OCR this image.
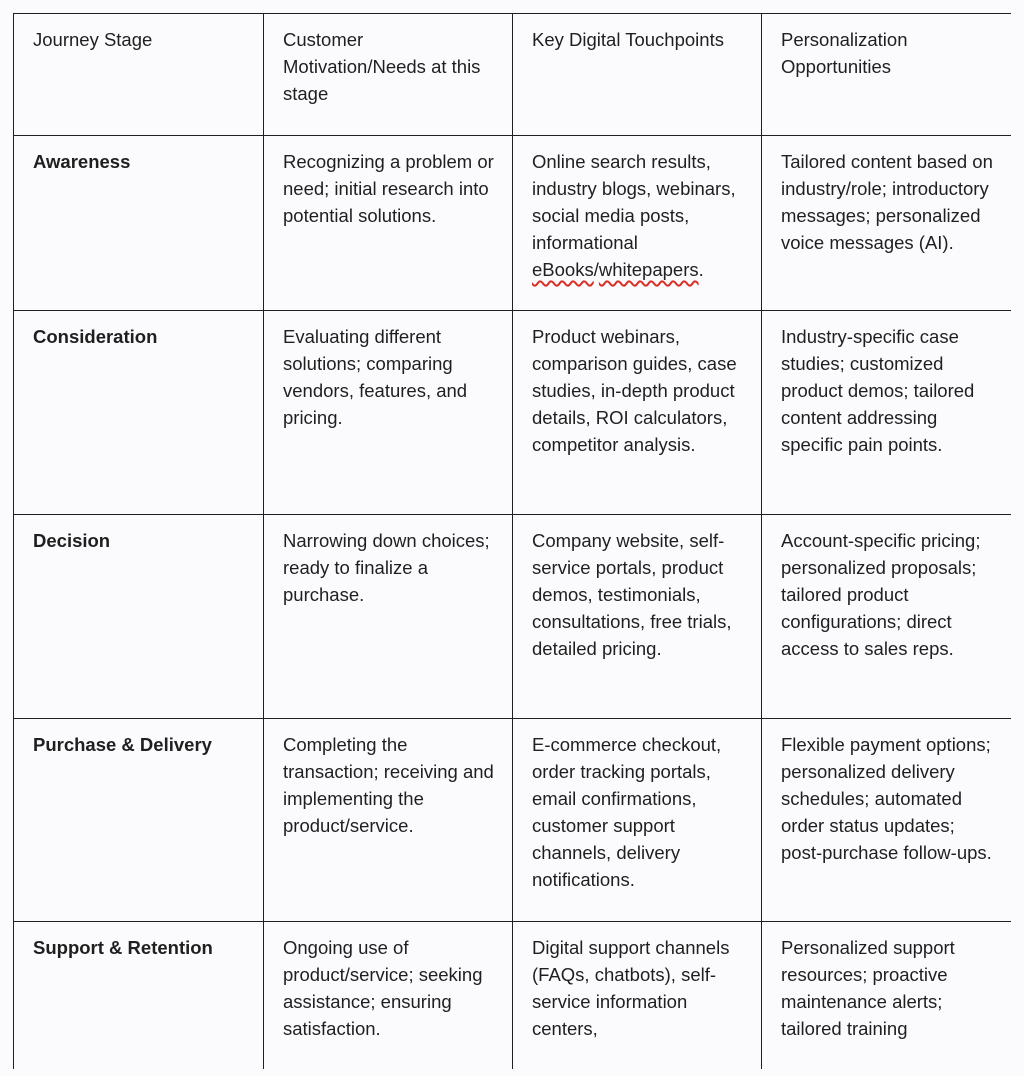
Journey Stage	Customer Motivation/Needs at this stage	Key Digital Touchpoints	Personalization Opportunities
Awareness	Recognizing a problem or need; initial research into potential solutions.	Online search results, industry blogs, webinars, social media posts, informational eBooks/whitepapers.	Tailored content based on industry/role; introductory messages; personalized voice messages (AI).
Consideration	Evaluating different solutions; comparing vendors, features, and pricing.	Product webinars, comparison guides, case studies, in-depth product details, ROI calculators, competitor analysis.	Industry-specific case studies; customized product demos; tailored content addressing specific pain points.
Decision	Narrowing down choices; ready to finalize a purchase.	Company website, self-service portals, product demos, testimonials, consultations, free trials, detailed pricing.	Account-specific pricing; personalized proposals; tailored product configurations; direct access to sales reps.
Purchase & Delivery	Completing the transaction; receiving and implementing the product/service.	E-commerce checkout, order tracking portals, email confirmations, customer support channels, delivery notifications.	Flexible payment options; personalized delivery schedules; automated order status updates; post-purchase follow-ups.
Support & Retention	Ongoing use of product/service; seeking assistance; ensuring satisfaction.	Digital support channels (FAQs, chatbots), self-service information centers,	Personalized support resources; proactive maintenance alerts; tailored training
